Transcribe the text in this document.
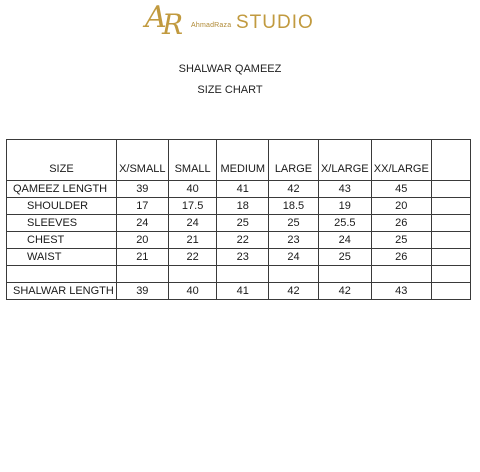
A
R AhmadRaza STUDIO
SHALWAR QAMEEZ
SIZE CHART
SIZE	X/SMALL	SMALL	MEDIUM	LARGE	X/LARGE	XX/LARGE	
QAMEEZ LENGTH	39	40	41	42	43	45	
SHOULDER	17	17.5	18	18.5	19	20	
SLEEVES	24	24	25	25	25.5	26	
CHEST	20	21	22	23	24	25	
WAIST	21	22	23	24	25	26	

SHALWAR LENGTH	39	40	41	42	42	43	
